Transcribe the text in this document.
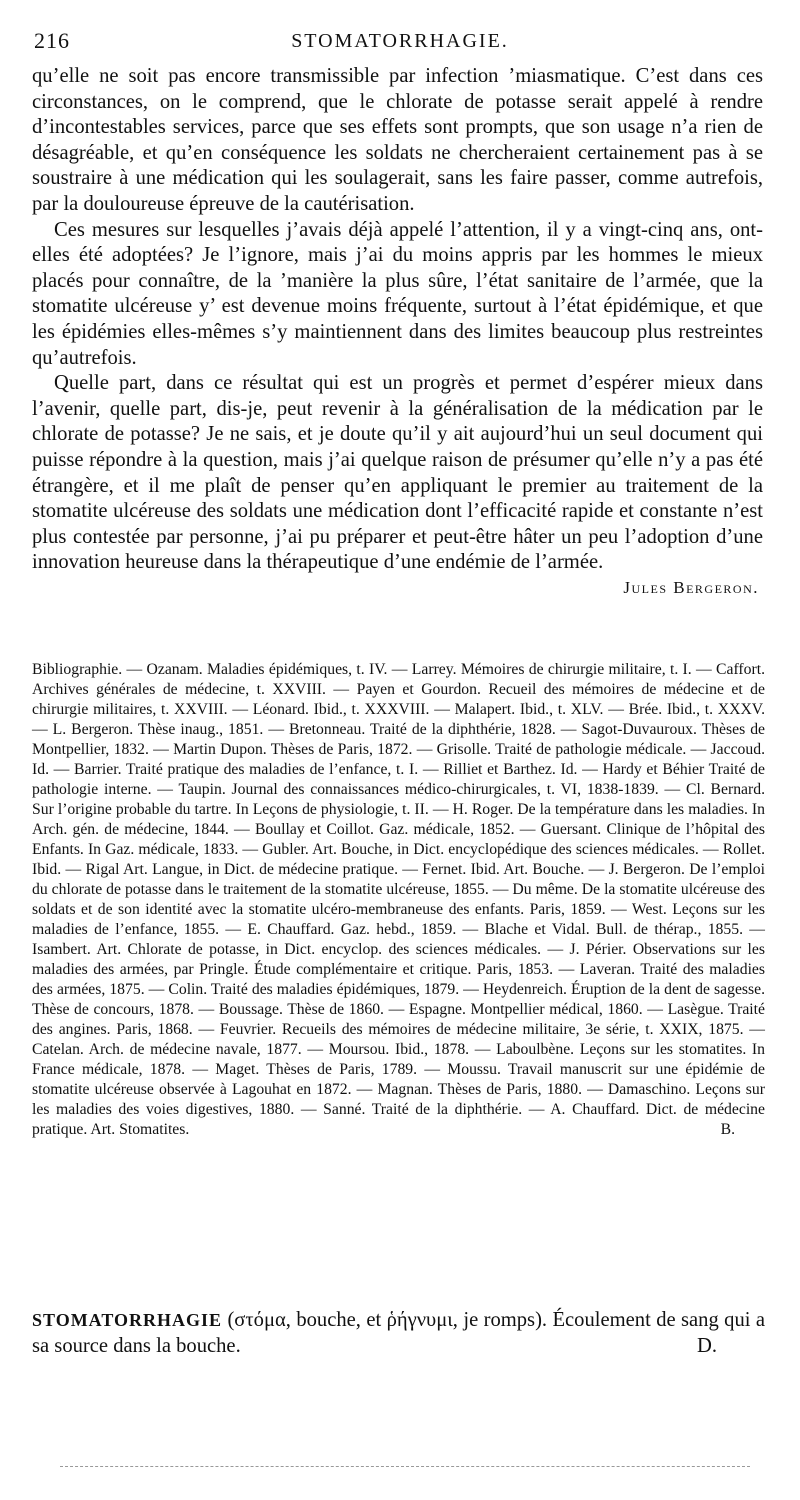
216	STOMATORRHAGIE.

qu’elle ne soit pas encore transmissible par infection ’miasmatique. C’est dans ces circonstances, on le comprend, que le chlorate de potasse serait appelé à rendre d’incontestables services, parce que ses effets sont prompts, que son usage n’a rien de désagréable, et qu’en conséquence les soldats ne chercheraient certainement pas à se soustraire à une médication qui les soulagerait, sans les faire passer, comme autrefois, par la douloureuse épreuve de la cautérisation.

Ces mesures sur lesquelles j’avais déjà appelé l’attention, il y a vingt-cinq ans, ont-elles été adoptées? Je l’ignore, mais j’ai du moins appris par les hommes le mieux placés pour connaître, de la ’manière la plus sûre, l’état sanitaire de l’armée, que la stomatite ulcéreuse y’ est devenue moins fréquente, surtout à l’état épidémique, et que les épidémies elles-mêmes s’y maintiennent dans des limites beaucoup plus restreintes qu’autrefois.

Quelle part, dans ce résultat qui est un progrès et permet d’espérer mieux dans l’avenir, quelle part, dis-je, peut revenir à la généralisation de la médication par le chlorate de potasse? Je ne sais, et je doute qu’il y ait aujourd’hui un seul document qui puisse répondre à la question, mais j’ai quelque raison de présumer qu’elle n’y a pas été étrangère, et il me plaît de penser qu’en appliquant le premier au traitement de la stomatite ulcéreuse des soldats une médication dont l’efficacité rapide et constante n’est plus contestée par personne, j’ai pu préparer et peut-être hâter un peu l’adoption d’une innovation heureuse dans la thérapeutique d’une endémie de l’armée.

Jules Bergeron.

Bibliographie. — Ozanam. Maladies épidémiques, t. IV. — Larrey. Mémoires de chirurgie militaire, t. I. — Caffort. Archives générales de médecine, t. XXVIII. — Payen et Gourdon. Recueil des mémoires de médecine et de chirurgie militaires, t. XXVIII. — Léonard. Ibid., t. XXXVIII. — Malapert. Ibid., t. XLV. — Brée. Ibid., t. XXXV. — L. Bergeron. Thèse inaug., 1851. — Bretonneau. Traité de la diphthérie, 1828. — Sagot-Duvauroux. Thèses de Montpellier, 1832. — Martin Dupon. Thèses de Paris, 1872. — Grisolle. Traité de pathologie médicale. — Jaccoud. Id. — Barrier. Traité pratique des maladies de l’enfance, t. I. — Rilliet et Barthez. Id. — Hardy et Béhier Traité de pathologie interne. — Taupin. Journal des connaissances médico-chirurgicales, t. VI, 1838-1839. — Cl. Bernard. Sur l’origine probable du tartre. In Leçons de physiologie, t. II. — H. Roger. De la température dans les maladies. In Arch. gén. de médecine, 1844. — Boullay et Coillot. Gaz. médicale, 1852. — Guersant. Clinique de l’hôpital des Enfants. In Gaz. médicale, 1833. — Gubler. Art. Bouche, in Dict. encyclopédique des sciences médicales. — Rollet. Ibid. — Rigal Art. Langue, in Dict. de médecine pratique. — Fernet. Ibid. Art. Bouche. — J. Bergeron. De l’emploi du chlorate de potasse dans le traitement de la stomatite ulcéreuse, 1855. — Du même. De la stomatite ulcéreuse des soldats et de son identité avec la stomatite ulcéro-membraneuse des enfants. Paris, 1859. — West. Leçons sur les maladies de l’enfance, 1855. — E. Chauffard. Gaz. hebd., 1859. — Blache et Vidal. Bull. de thérap., 1855. — Isambert. Art. Chlorate de potasse, in Dict. encyclop. des sciences médicales. — J. Périer. Observations sur les maladies des armées, par Pringle. Étude complémentaire et critique. Paris, 1853. — Laveran. Traité des maladies des armées, 1875. — Colin. Traité des maladies épidémiques, 1879. — Heydenreich. Éruption de la dent de sagesse. Thèse de concours, 1878. — Boussage. Thèse de 1860. — Espagne. Montpellier médical, 1860. — Lasègue. Traité des angines. Paris, 1868. — Feuvrier. Recueils des mémoires de médecine militaire, 3e série, t. XXIX, 1875. — Catelan. Arch. de médecine navale, 1877. — Moursou. Ibid., 1878. — Laboulbène. Leçons sur les stomatites. In France médicale, 1878. — Maget. Thèses de Paris, 1789. — Moussu. Travail manuscrit sur une épidémie de stomatite ulcéreuse observée à Lagouhat en 1872. — Magnan. Thèses de Paris, 1880. — Damaschino. Leçons sur les maladies des voies digestives, 1880. — Sanné. Traité de la diphthérie. — A. Chauffard. Dict. de médecine pratique. Art. Stomatites.	B.

STOMATORRHAGIE (στόμα, bouche, et ῥήγνυμι, je romps). Écoulement de sang qui a sa source dans la bouche.	D.
